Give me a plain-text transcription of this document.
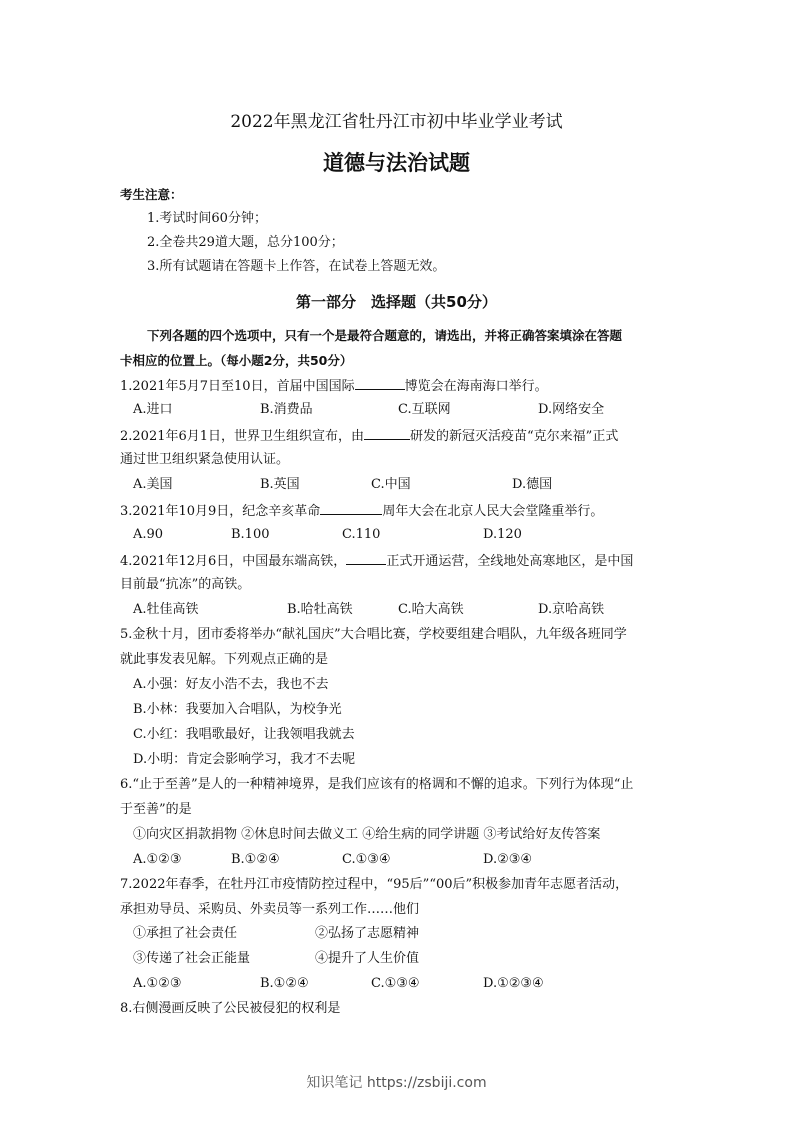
2022年黑龙江省牡丹江市初中毕业学业考试
道德与法治试题
考生注意：
1.考试时间60分钟；
2.全卷共29道大题，总分100分；
3.所有试题请在答题卡上作答，在试卷上答题无效。
第一部分　选择题（共50分）
下列各题的四个选项中，只有一个是最符合题意的，请选出，并将正确答案填涂在答题
卡相应的位置上。（每小题2分，共50分）
1.2021年5月7日至10日，首届中国国际	博览会在海南海口举行。
A.进口	B.消费品	C.互联网	D.网络安全
2.2021年6月1日，世界卫生组织宣布，由	研发的新冠灭活疫苗“克尔来福”正式
通过世卫组织紧急使用认证。
A.美国	B.英国	C.中国	D.德国
3.2021年10月9日，纪念辛亥革命	周年大会在北京人民大会堂隆重举行。
A.90	B.100	C.110	D.120
4.2021年12月6日，中国最东端高铁，	正式开通运营，全线地处高寒地区，是中国
目前最“抗冻”的高铁。
A.牡佳高铁	B.哈牡高铁	C.哈大高铁	D.京哈高铁
5.金秋十月，团市委将举办“献礼国庆”大合唱比赛，学校要组建合唱队，九年级各班同学
就此事发表见解。下列观点正确的是
A.小强：好友小浩不去，我也不去
B.小林：我要加入合唱队，为校争光
C.小红：我唱歌最好，让我领唱我就去
D.小明：肯定会影响学习，我才不去呢
6.“止于至善”是人的一种精神境界，是我们应该有的格调和不懈的追求。下列行为体现“止
于至善”的是
①向灾区捐款捐物 ②休息时间去做义工 ④给生病的同学讲题 ③考试给好友传答案
A.①②③	B.①②④	C.①③④	D.②③④
7.2022年春季，在牡丹江市疫情防控过程中，“95后”“00后”积极参加青年志愿者活动，
承担劝导员、采购员、外卖员等一系列工作……他们
①承担了社会责任	②弘扬了志愿精神
③传递了社会正能量	④提升了人生价值
A.①②③	B.①②④	C.①③④	D.①②③④
8.右侧漫画反映了公民被侵犯的权利是
知识笔记 https://zsbiji.com
